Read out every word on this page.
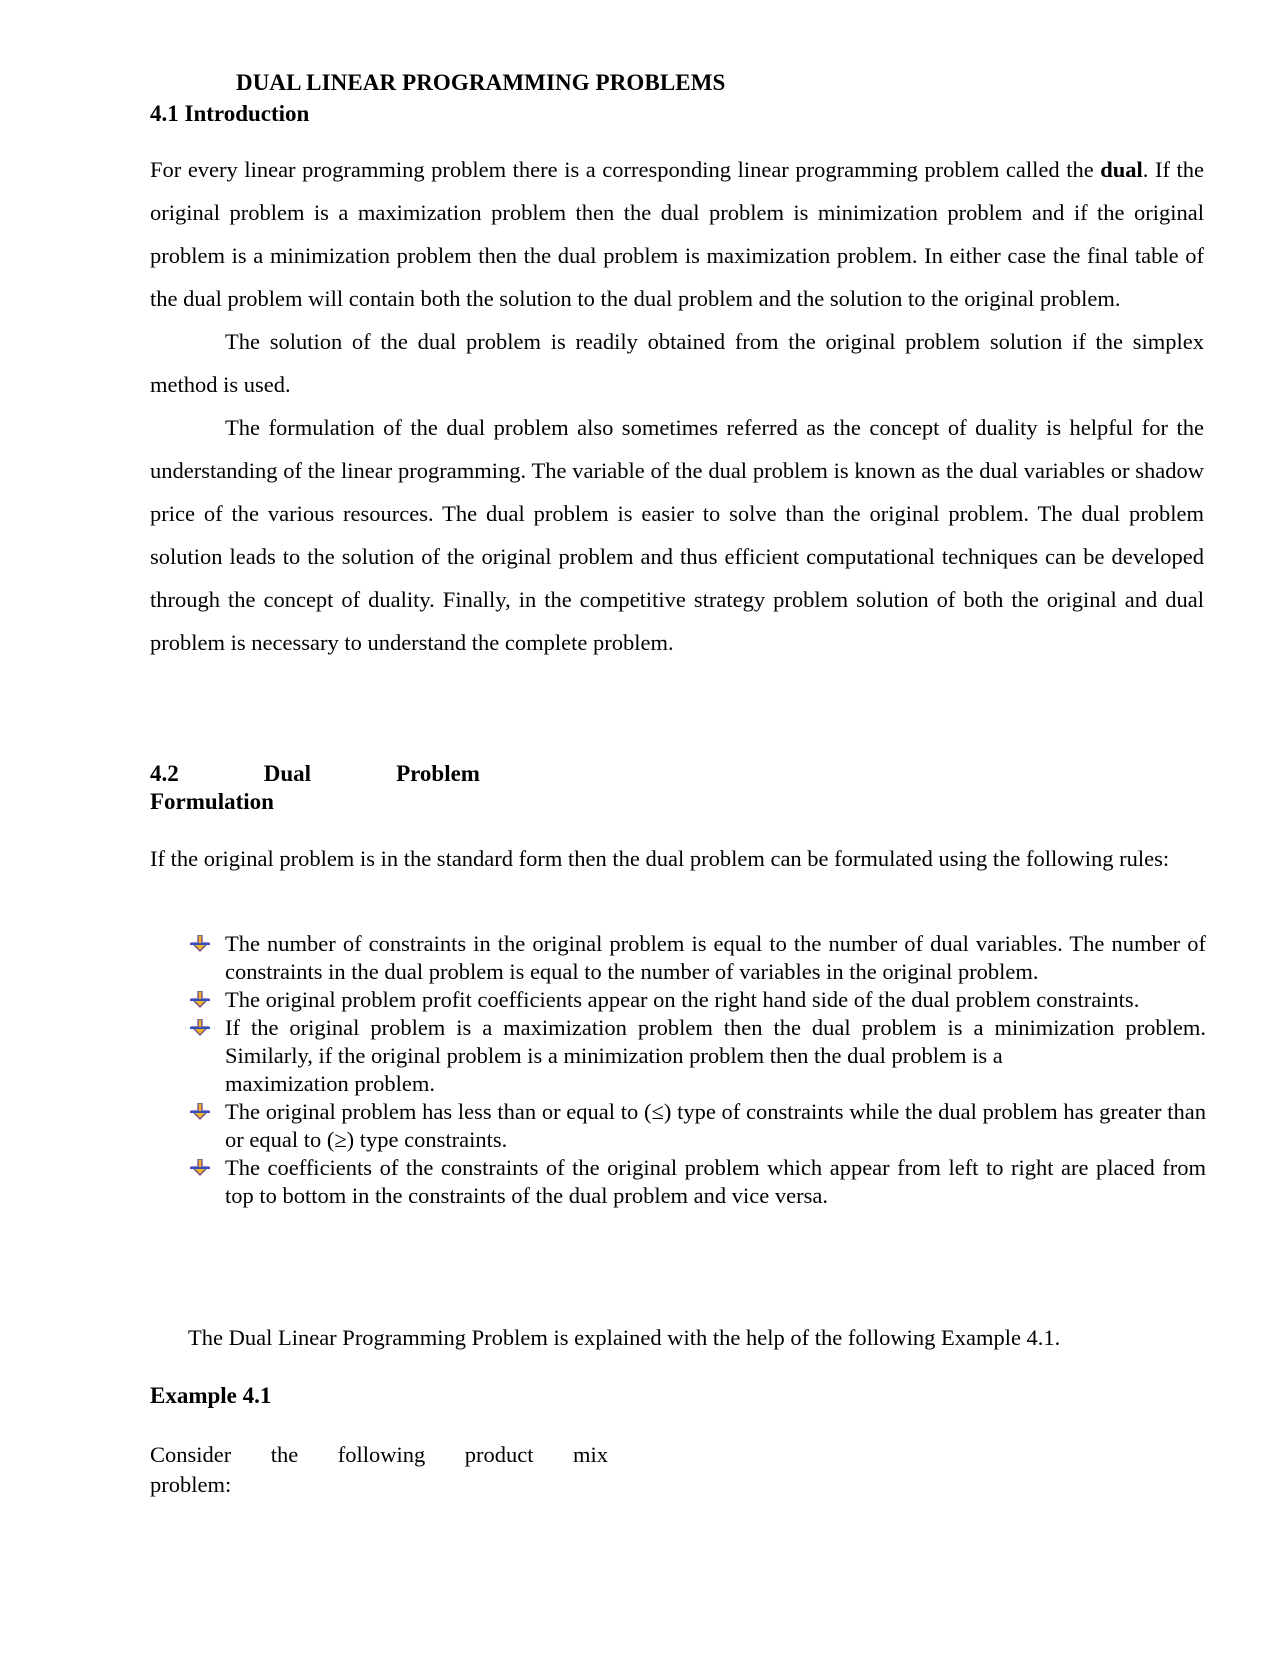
DUAL LINEAR PROGRAMMING PROBLEMS
4.1 Introduction

For every linear programming problem there is a corresponding linear programming problem called the dual. If the original problem is a maximization problem then the dual problem is minimization problem and if the original problem is a minimization problem then the dual problem is maximization problem. In either case the final table of the dual problem will contain both the solution to the dual problem and the solution to the original problem.

The solution of the dual problem is readily obtained from the original problem solution if the simplex method is used.

The formulation of the dual problem also sometimes referred as the concept of duality is helpful for the understanding of the linear programming. The variable of the dual problem is known as the dual variables or shadow price of the various resources. The dual problem is easier to solve than the original problem. The dual problem solution leads to the solution of the original problem and thus efficient computational techniques can be developed through the concept of duality. Finally, in the competitive strategy problem solution of both the original and dual problem is necessary to understand the complete problem.

4.2	Dual	Problem
Formulation

If the original problem is in the standard form then the dual problem can be formulated using the following rules:

The number of constraints in the original problem is equal to the number of dual variables. The number of constraints in the dual problem is equal to the number of variables in the original problem.
The original problem profit coefficients appear on the right hand side of the dual problem constraints.
If the original problem is a maximization problem then the dual problem is a minimization problem. Similarly, if the original problem is a minimization problem then the dual problem is a
maximization problem.
The original problem has less than or equal to (≤) type of constraints while the dual problem has greater than or equal to (≥) type constraints.
The coefficients of the constraints of the original problem which appear from left to right are placed from top to bottom in the constraints of the dual problem and vice versa.
The Dual Linear Programming Problem is explained with the help of the following Example 4.1.
Example 4.1
Consider the following product mix
problem:
